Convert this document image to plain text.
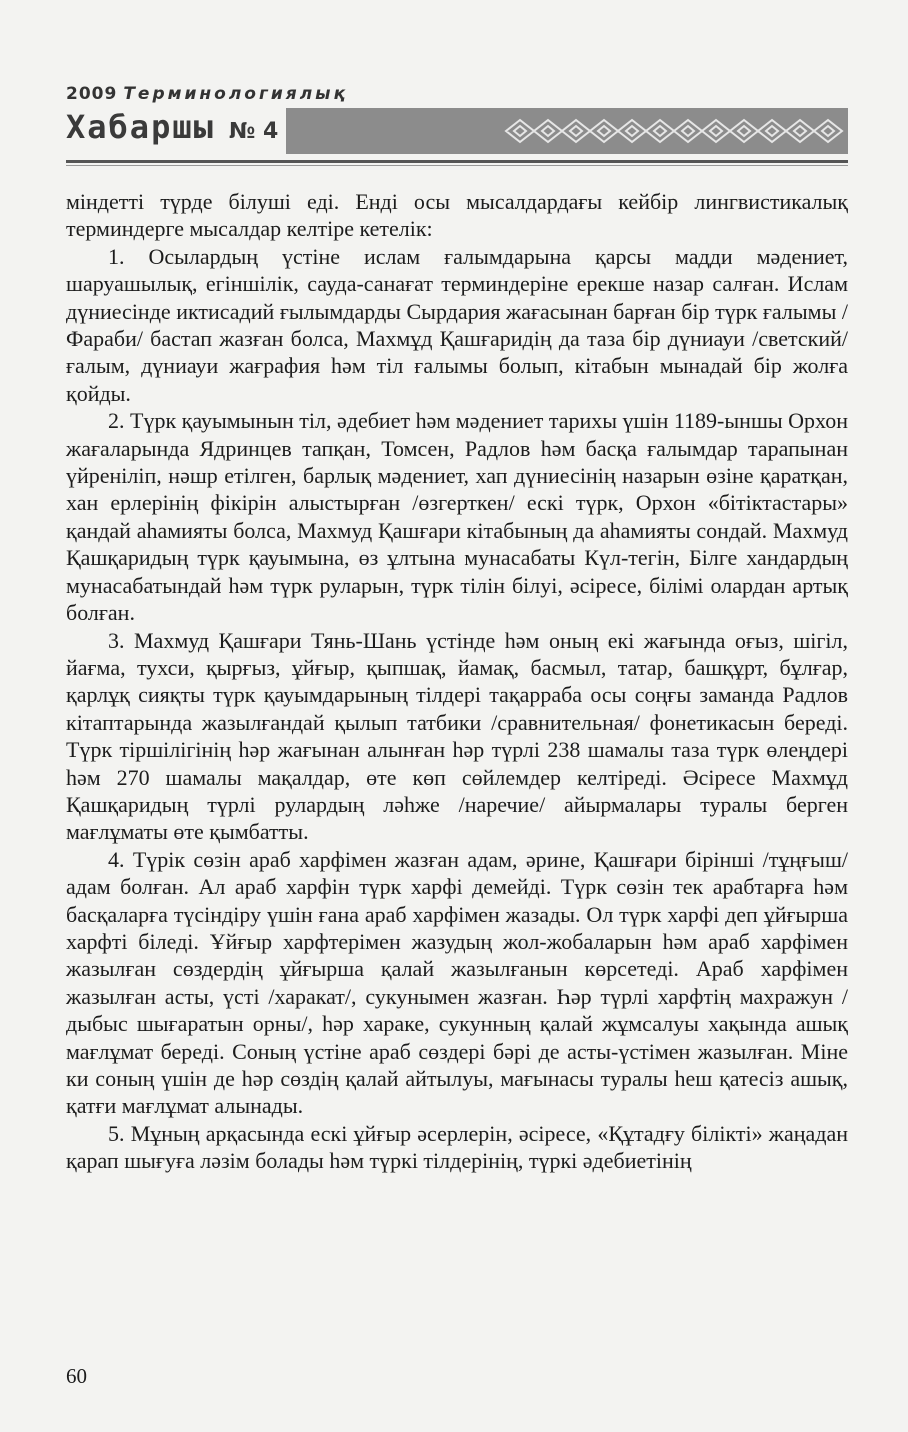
2009 Терминологиялық
Хабаршы № 4

міндетті түрде білуші еді. Енді осы мысалдардағы кейбір лингвистикалық терминдерге мысалдар келтіре кетелік:

1. Осылардың үстіне ислам ғалымдарына қарсы мадди мәдениет, шаруашылық, егіншілік, сауда-санағат терминдеріне ерекше назар салған. Ислам дүниесінде иктисадий ғылымдарды Сырдария жағасынан барған бір түрк ғалымы /Фараби/ бастап жазған болса, Махмұд Қашғаридің да таза бір дүниауи /светский/ ғалым, дүниауи жағрафия һәм тіл ғалымы болып, кітабын мынадай бір жолға қойды.

2. Түрк қауымынын тіл, әдебиет һәм мәдениет тарихы үшін 1189-ыншы Орхон жағаларында Ядринцев тапқан, Томсен, Радлов һәм басқа ғалымдар тарапынан үйреніліп, нәшр етілген, барлық мәдениет, хап дүниесінің назарын өзіне қаратқан, хан ерлерінің фікірін алыстырған /өзгерткен/ ескі түрк, Орхон «бітіктастары» қандай аһамияты болса, Махмуд Қашғари кітабының да аһамияты сондай. Махмуд Қашқаридың түрк қауымына, өз ұлтына мунасабаты Күл-тегін, Білге хандардың мунасабатындай һәм түрк руларын, түрк тілін білуі, әсіресе, білімі олардан артық болған.

3. Махмуд Қашғари Тянь-Шань үстінде һәм оның екі жағында оғыз, шігіл, йағма, тухси, қырғыз, ұйғыр, қыпшақ, йамақ, басмыл, татар, башқұрт, бұлғар, қарлұқ сияқты түрк қауымдарының тілдері тақарраба осы соңғы заманда Радлов кітаптарында жазылғандай қылып татбики /сравнительная/ фонетикасын береді. Түрк тіршілігінің һәр жағынан алынған һәр түрлі 238 шамалы таза түрк өлеңдері һәм 270 шамалы мақалдар, өте көп сөйлемдер келтіреді. Әсіресе Махмұд Қашқаридың түрлі рулардың ләhже /наречие/ айырмалары туралы берген мағлұматы өте қымбатты.

4. Түрік сөзін араб харфімен жазған адам, әрине, Қашғари бірінші /тұңғыш/ адам болған. Ал араб харфін түрк харфі демейді. Түрк сөзін тек арабтарға һәм басқаларға түсіндіру үшін ғана араб харфімен жазады. Ол түрк харфі деп ұйғырша харфті біледі. Ұйғыр харфтерімен жазудың жол-жобаларын һәм араб харфімен жазылған сөздердің ұйғырша қалай жазылғанын көрсетеді. Араб харфімен жазылған асты, үсті /харакат/, сукунымен жазған. Һәр түрлі харфтің махражун /дыбыс шығаратын орны/, һәр хараке, сукунның қалай жұмсалуы хақында ашық мағлұмат береді. Соның үстіне араб сөздері бәрі де асты-үстімен жазылған. Міне ки соның үшін де һәр сөздің қалай айтылуы, мағынасы туралы һеш қатесіз ашық, қатғи мағлұмат алынады.

5. Мұның арқасында ескі ұйғыр әсерлерін, әсіресе, «Құтадғу білікті» жаңадан қарап шығуға ләзім болады һәм түркі тілдерінің, түркі әдебиетінің

60
